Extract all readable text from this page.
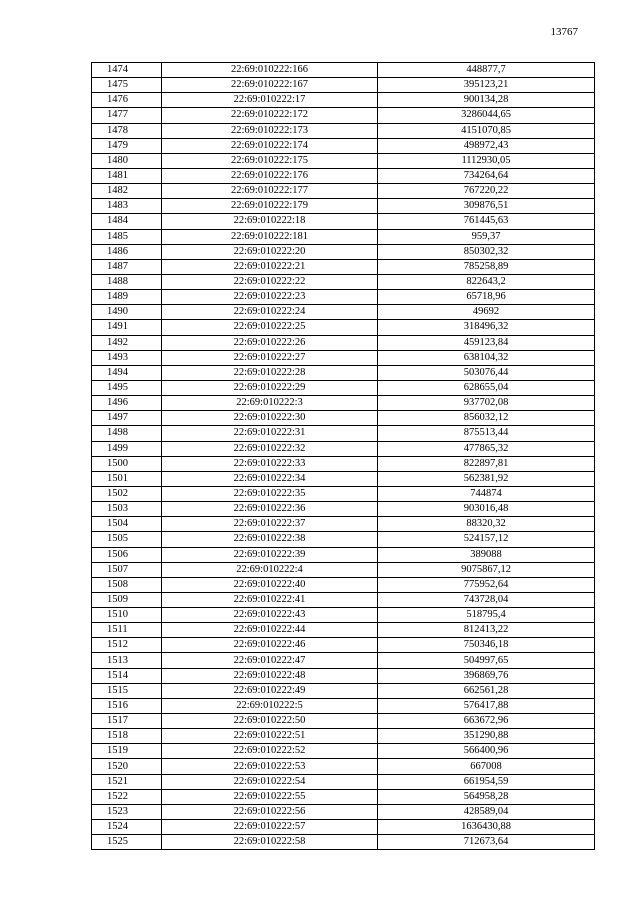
13767
1474	22:69:010222:166	448877,7
1475	22:69:010222:167	395123,21
1476	22:69:010222:17	900134,28
1477	22:69:010222:172	3286044,65
1478	22:69:010222:173	4151070,85
1479	22:69:010222:174	498972,43
1480	22:69:010222:175	1112930,05
1481	22:69:010222:176	734264,64
1482	22:69:010222:177	767220,22
1483	22:69:010222:179	309876,51
1484	22:69:010222:18	761445,63
1485	22:69:010222:181	959,37
1486	22:69:010222:20	850302,32
1487	22:69:010222:21	785258,89
1488	22:69:010222:22	822643,2
1489	22:69:010222:23	65718,96
1490	22:69:010222:24	49692
1491	22:69:010222:25	318496,32
1492	22:69:010222:26	459123,84
1493	22:69:010222:27	638104,32
1494	22:69:010222:28	503076,44
1495	22:69:010222:29	628655,04
1496	22:69:010222:3	937702,08
1497	22:69:010222:30	856032,12
1498	22:69:010222:31	875513,44
1499	22:69:010222:32	477865,32
1500	22:69:010222:33	822897,81
1501	22:69:010222:34	562381,92
1502	22:69:010222:35	744874
1503	22:69:010222:36	903016,48
1504	22:69:010222:37	88320,32
1505	22:69:010222:38	524157,12
1506	22:69:010222:39	389088
1507	22:69:010222:4	9075867,12
1508	22:69:010222:40	775952,64
1509	22:69:010222:41	743728,04
1510	22:69:010222:43	518795,4
1511	22:69:010222:44	812413,22
1512	22:69:010222:46	750346,18
1513	22:69:010222:47	504997,65
1514	22:69:010222:48	396869,76
1515	22:69:010222:49	662561,28
1516	22:69:010222:5	576417,88
1517	22:69:010222:50	663672,96
1518	22:69:010222:51	351290,88
1519	22:69:010222:52	566400,96
1520	22:69:010222:53	667008
1521	22:69:010222:54	661954,59
1522	22:69:010222:55	564958,28
1523	22:69:010222:56	428589,04
1524	22:69:010222:57	1636430,88
1525	22:69:010222:58	712673,64
